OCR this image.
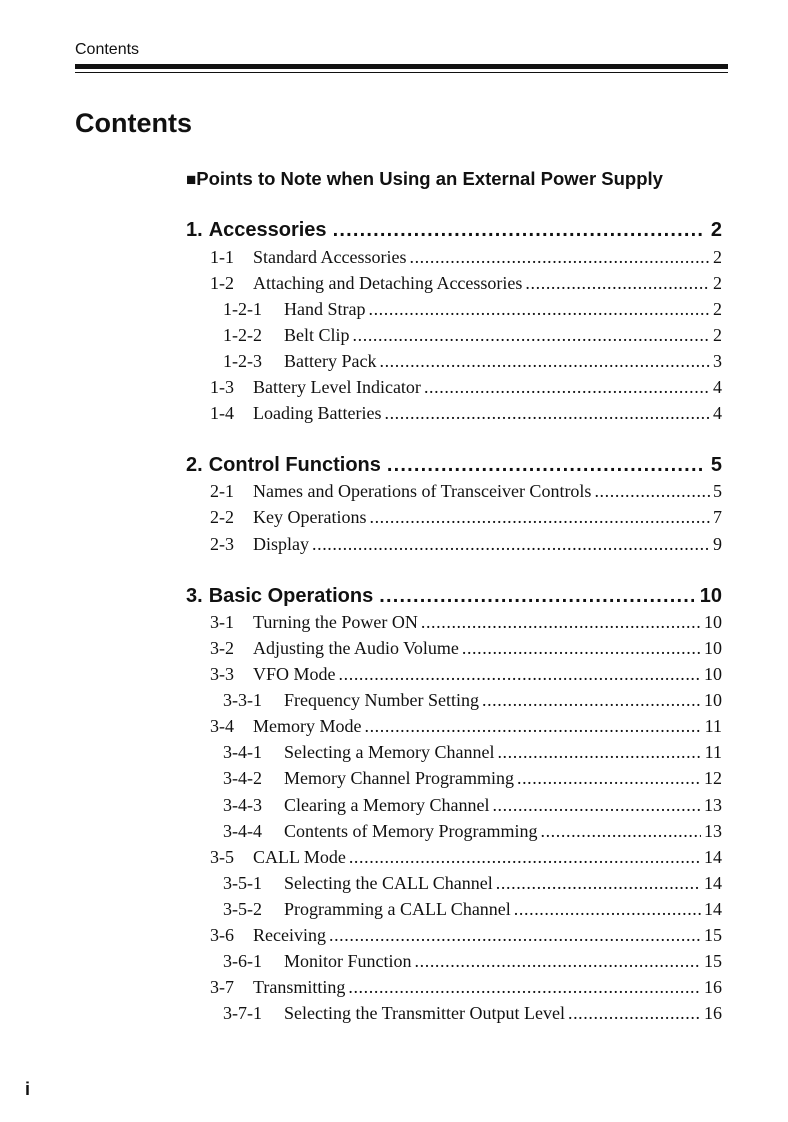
Contents
Contents
■Points to Note when Using an External Power Supply
1. Accessories .....	2
1-1	Standard Accessories .....	2
1-2	Attaching and Detaching Accessories .....	2
1-2-1	Hand Strap .....	2
1-2-2	Belt Clip .....	2
1-2-3	Battery Pack .....	3
1-3	Battery Level Indicator .....	4
1-4	Loading Batteries .....	4
2. Control Functions .....	5
2-1	Names and Operations of Transceiver Controls .....	5
2-2	Key Operations .....	7
2-3	Display .....	9
3. Basic Operations .....	10
3-1	Turning the Power ON .....	10
3-2	Adjusting the Audio Volume .....	10
3-3	VFO Mode .....	10
3-3-1	Frequency Number Setting .....	10
3-4	Memory Mode .....	11
3-4-1	Selecting a Memory Channel .....	11
3-4-2	Memory Channel Programming .....	12
3-4-3	Clearing a Memory Channel .....	13
3-4-4	Contents of Memory Programming .....	13
3-5	CALL Mode .....	14
3-5-1	Selecting the CALL Channel .....	14
3-5-2	Programming a CALL Channel .....	14
3-6	Receiving .....	15
3-6-1	Monitor Function .....	15
3-7	Transmitting .....	16
3-7-1	Selecting the Transmitter Output Level .....	16
i
